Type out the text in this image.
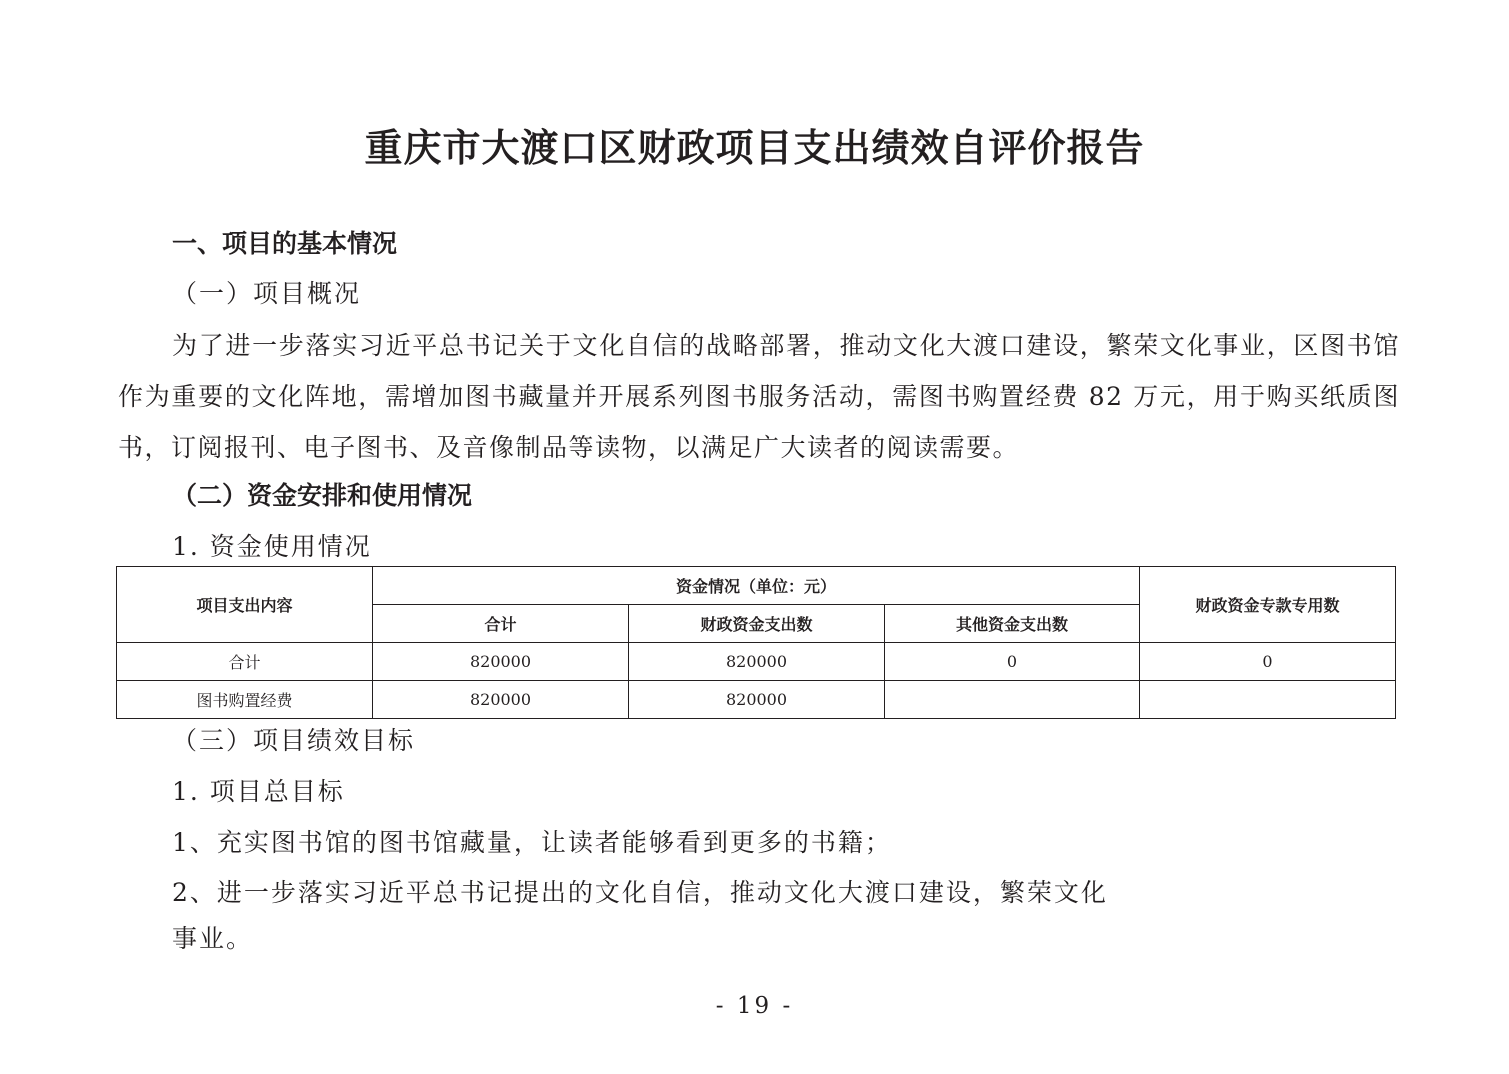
重庆市大渡口区财政项目支出绩效自评价报告
一、项目的基本情况
（一）项目概况
为了进一步落实习近平总书记关于文化自信的战略部署，推动文化大渡口建设，繁荣文化事业，区图书馆作为重要的文化阵地，需增加图书藏量并开展系列图书服务活动，需图书购置经费 82 万元，用于购买纸质图书，订阅报刊、电子图书、及音像制品等读物，以满足广大读者的阅读需要。
（二）资金安排和使用情况
1. 资金使用情况
项目支出内容	资金情况（单位：元）			财政资金专款专用数
	合计	财政资金支出数	其他资金支出数	
合计	820000	820000	0	0
图书购置经费	820000	820000		
（三）项目绩效目标
1. 项目总目标
1、充实图书馆的图书馆藏量，让读者能够看到更多的书籍；
2、进一步落实习近平总书记提出的文化自信，推动文化大渡口建设，繁荣文化
事业。
- 19 -
